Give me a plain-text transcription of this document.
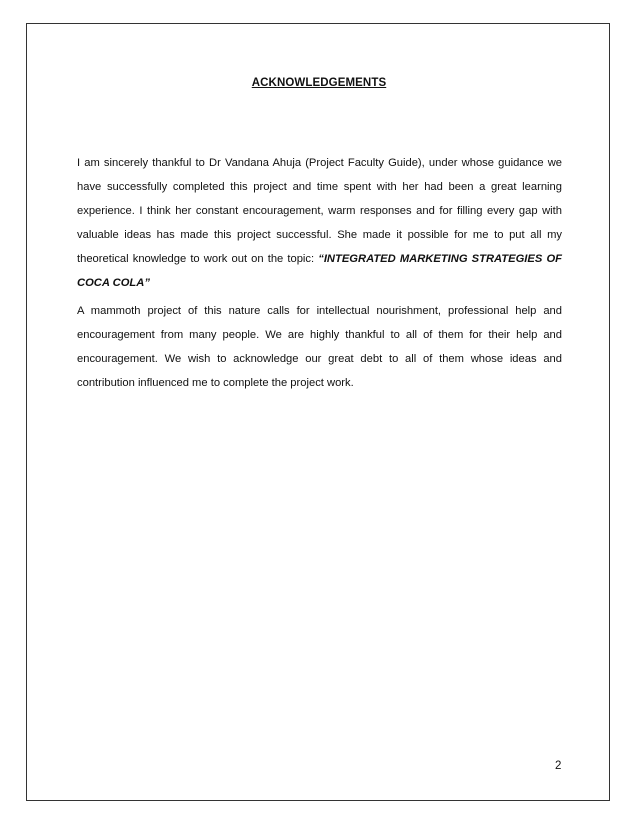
ACKNOWLEDGEMENTS

I am sincerely thankful to Dr Vandana Ahuja (Project Faculty Guide), under whose guidance we have successfully completed this project and time spent with her had been a great learning experience. I think her constant encouragement, warm responses and for filling every gap with valuable ideas has made this project successful. She made it possible for me to put all my theoretical knowledge to work out on the topic: “INTEGRATED MARKETING STRATEGIES OF COCA COLA”

A mammoth project of this nature calls for intellectual nourishment, professional help and encouragement from many people. We are highly thankful to all of them for their help and encouragement. We wish to acknowledge our great debt to all of them whose ideas and contribution influenced me to complete the project work.

2
